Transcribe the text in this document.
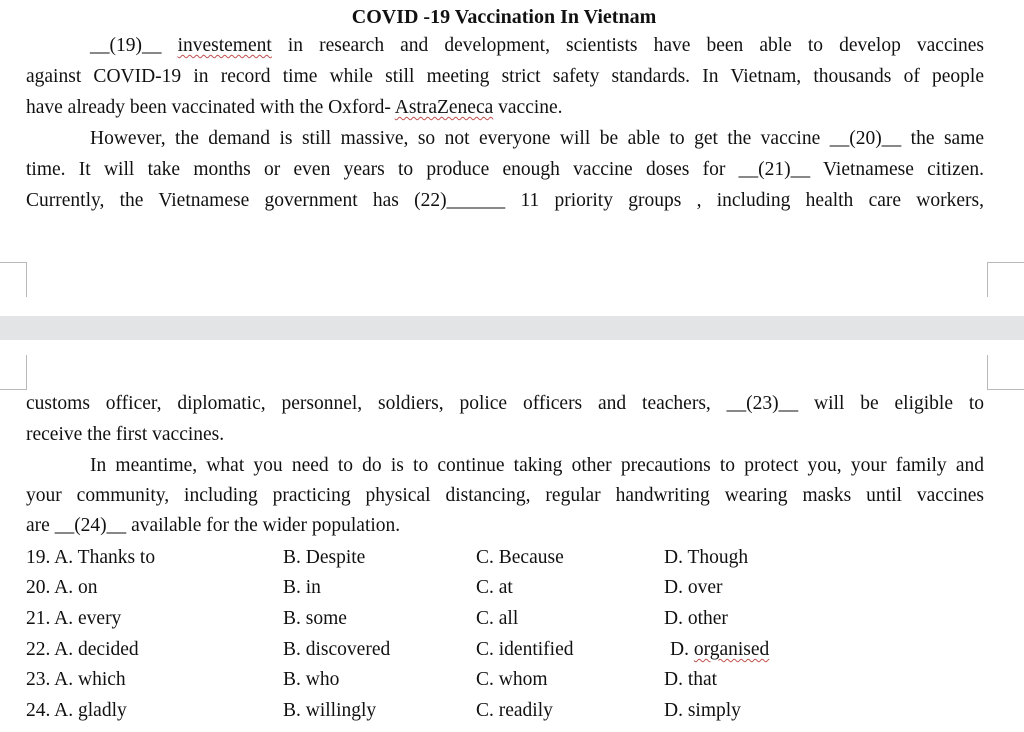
COVID -19 Vaccination In Vietnam
__(19)__ investement in research and development, scientists have been able to develop vaccines
against COVID-19 in record time while still meeting strict safety standards. In Vietnam, thousands of people
have already been vaccinated with the Oxford- AstraZeneca vaccine.
However, the demand is still massive, so not everyone will be able to get the vaccine __(20)__ the same
time. It will take months or even years to produce enough vaccine doses for __(21)__ Vietnamese citizen.
Currently, the Vietnamese government has (22)______ 11 priority groups , including health care workers,
customs officer, diplomatic, personnel, soldiers, police officers and teachers, __(23)__ will be eligible to
receive the first vaccines.
In meantime, what you need to do is to continue taking other precautions to protect you, your family and
your community, including practicing physical distancing, regular handwriting wearing masks until vaccines
are __(24)__ available for the wider population.
19. A. Thanks to	B. Despite	C. Because	D. Though
20. A. on	B. in	C. at	D. over
21. A. every	B. some	C. all	D. other
22. A. decided	B. discovered	C. identified	D. organised
23. A. which	B. who	C. whom	D. that
24. A. gladly	B. willingly	C. readily	D. simply
